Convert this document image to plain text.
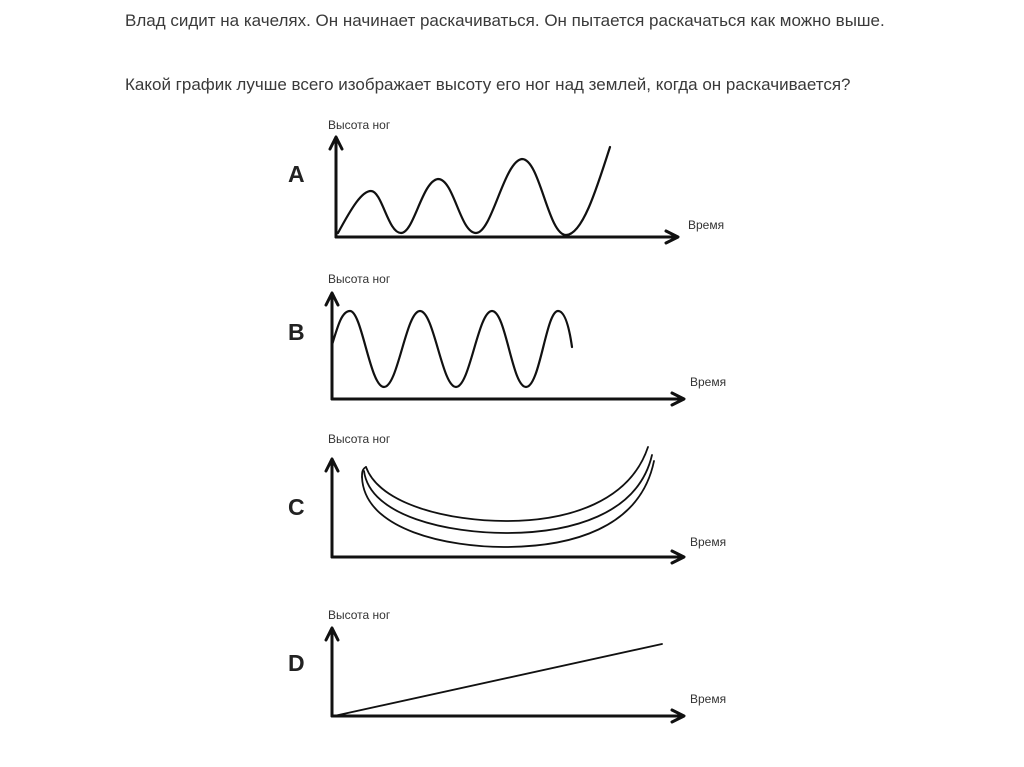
Влад сидит на качелях. Он начинает раскачиваться. Он пытается раскачаться как можно выше.

Какой график лучше всего изображает высоту его ног над землей, когда он раскачивается?

A
Высота ног
Время
B
Высота ног
Время
C
Высота ног
Время
D
Высота ног
Время
